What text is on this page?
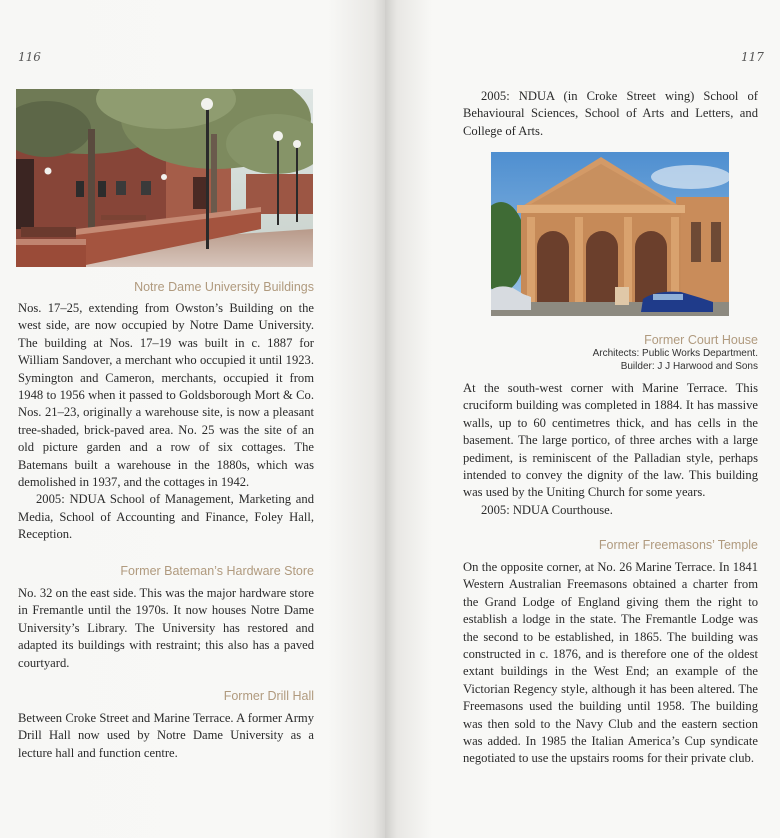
116

Notre Dame University Buildings

Nos. 17–25, extending from Owston’s Building on the west side, are now occupied by Notre Dame University. The building at Nos. 17–19 was built in c. 1887 for William Sandover, a merchant who occupied it until 1923. Symington and Cameron, merchants, occupied it from 1948 to 1956 when it passed to Goldsborough Mort & Co. Nos. 21–23, originally a warehouse site, is now a pleasant tree-shaded, brick-paved area. No. 25 was the site of an old picture garden and a row of six cottages. The Batemans built a warehouse in the 1880s, which was demolished in 1937, and the cottages in 1942.

2005: NDUA School of Management, Marketing and Media, School of Accounting and Finance, Foley Hall, Reception.

Former Bateman’s Hardware Store

No. 32 on the east side. This was the major hardware store in Fremantle until the 1970s. It now houses Notre Dame University’s Library. The University has restored and adapted its buildings with restraint; this also has a paved courtyard.

Former Drill Hall

Between Croke Street and Marine Terrace. A former Army Drill Hall now used by Notre Dame University as a lecture hall and function centre.

117

2005: NDUA (in Croke Street wing) School of Behavioural Sciences, School of Arts and Letters, and College of Arts.

Former Court House

Architects: Public Works Department.

Builder: J J Harwood and Sons

At the south-west corner with Marine Terrace. This cruciform building was completed in 1884. It has massive walls, up to 60 centimetres thick, and has cells in the basement. The large portico, of three arches with a large pediment, is reminiscent of the Palladian style, perhaps intended to convey the dignity of the law. This building was used by the Uniting Church for some years.

2005: NDUA Courthouse.

Former Freemasons’ Temple

On the opposite corner, at No. 26 Marine Terrace. In 1841 Western Australian Freemasons obtained a charter from the Grand Lodge of England giving them the right to establish a lodge in the state. The Fremantle Lodge was the second to be established, in 1865. The building was constructed in c. 1876, and is therefore one of the oldest extant buildings in the West End; an example of the Victorian Regency style, although it has been altered. The Freemasons used the building until 1958. The building was then sold to the Navy Club and the eastern section was added. In 1985 the Italian America’s Cup syndicate negotiated to use the upstairs rooms for their private club.
